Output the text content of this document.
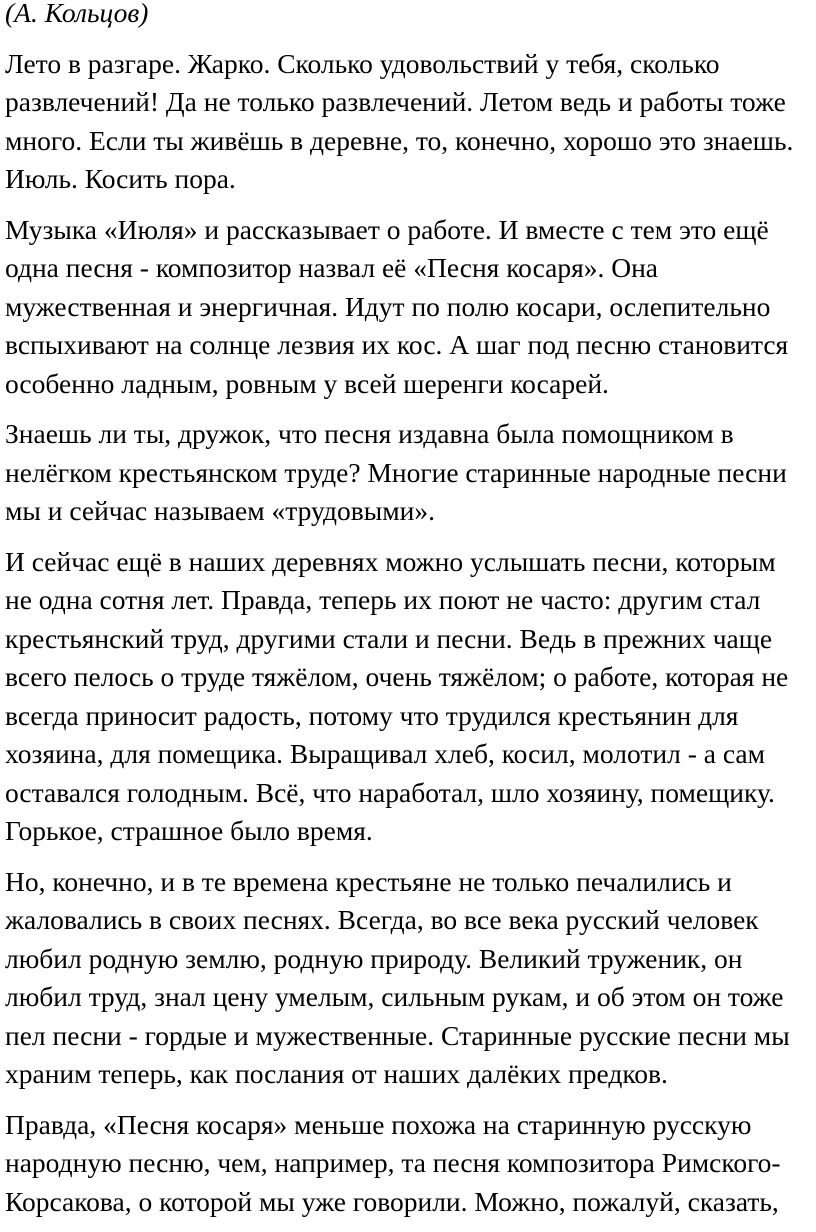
(А. Кольцов)
Лето в разгаре. Жарко. Сколько удовольствий у тебя, сколько
развлечений! Да не только развлечений. Летом ведь и работы тоже
много. Если ты живёшь в деревне, то, конечно, хорошо это знаешь.
Июль. Косить пора.
Музыка «Июля» и рассказывает о работе. И вместе с тем это ещё
одна песня - композитор назвал её «Песня косаря». Она
мужественная и энергичная. Идут по полю косари, ослепительно
вспыхивают на солнце лезвия их кос. А шаг под песню становится
особенно ладным, ровным у всей шеренги косарей.
Знаешь ли ты, дружок, что песня издавна была помощником в
нелёгком крестьянском труде? Многие старинные народные песни
мы и сейчас называем «трудовыми».
И сейчас ещё в наших деревнях можно услышать песни, которым
не одна сотня лет. Правда, теперь их поют не часто: другим стал
крестьянский труд, другими стали и песни. Ведь в прежних чаще
всего пелось о труде тяжёлом, очень тяжёлом; о работе, которая не
всегда приносит радость, потому что трудился крестьянин для
хозяина, для помещика. Выращивал хлеб, косил, молотил - а сам
оставался голодным. Всё, что наработал, шло хозяину, помещику.
Горькое, страшное было время.
Но, конечно, и в те времена крестьяне не только печалились и
жаловались в своих песнях. Всегда, во все века русский человек
любил родную землю, родную природу. Великий труженик, он
любил труд, знал цену умелым, сильным рукам, и об этом он тоже
пел песни - гордые и мужественные. Старинные русские песни мы
храним теперь, как послания от наших далёких предков.
Правда, «Песня косаря» меньше похожа на старинную русскую
народную песню, чем, например, та песня композитора Римского-
Корсакова, о которой мы уже говорили. Можно, пожалуй, сказать,
